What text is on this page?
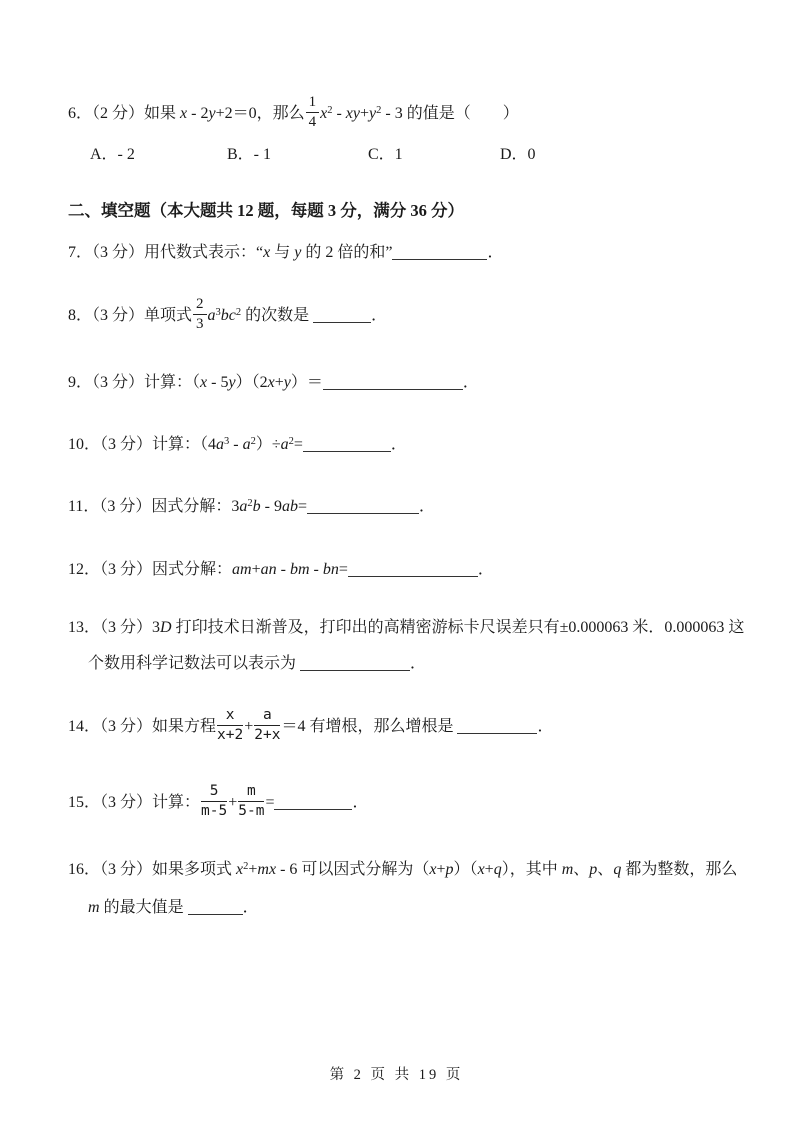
6．（2 分）如果 x - 2y+2＝0，那么 $\frac{1}{4} x^2 - xy+y^2 - 3$ 的值是（　　）
A．- 2	B．- 1	C．1	D．0
二、填空题（本大题共 12 题，每题 3 分，满分 36 分）
7．（3 分）用代数式表示：“x 与 y 的 2 倍的和”	．
8．（3 分）单项式 $\frac{2}{3} a^3bc^2$ 的次数是	．
9．（3 分）计算：（x - 5y）（2x+y）＝	．
10．（3 分）计算：$(4a^3 - a^2)\div a^2=$	．
11．（3 分）因式分解：$3a^2b - 9ab=$	．
12．（3 分）因式分解：am+an - bm - bn=	．
13．（3 分）3D 打印技术日渐普及，打印出的高精密游标卡尺误差只有±0.000063 米．0.000063 这个数用科学记数法可以表示为	．
14．（3 分）如果方程 $\frac{x}{x+2} + \frac{a}{2+x} =4$ 有增根，那么增根是	．
15．（3 分）计算： $\frac{5}{m-5} + \frac{m}{5-m}$ =	．
16．（3 分）如果多项式 $x^2+mx - 6$ 可以因式分解为（x+p）（x+q），其中 m、p、q 都为整数，那么 m 的最大值是	．
第 2 页 共 19 页
